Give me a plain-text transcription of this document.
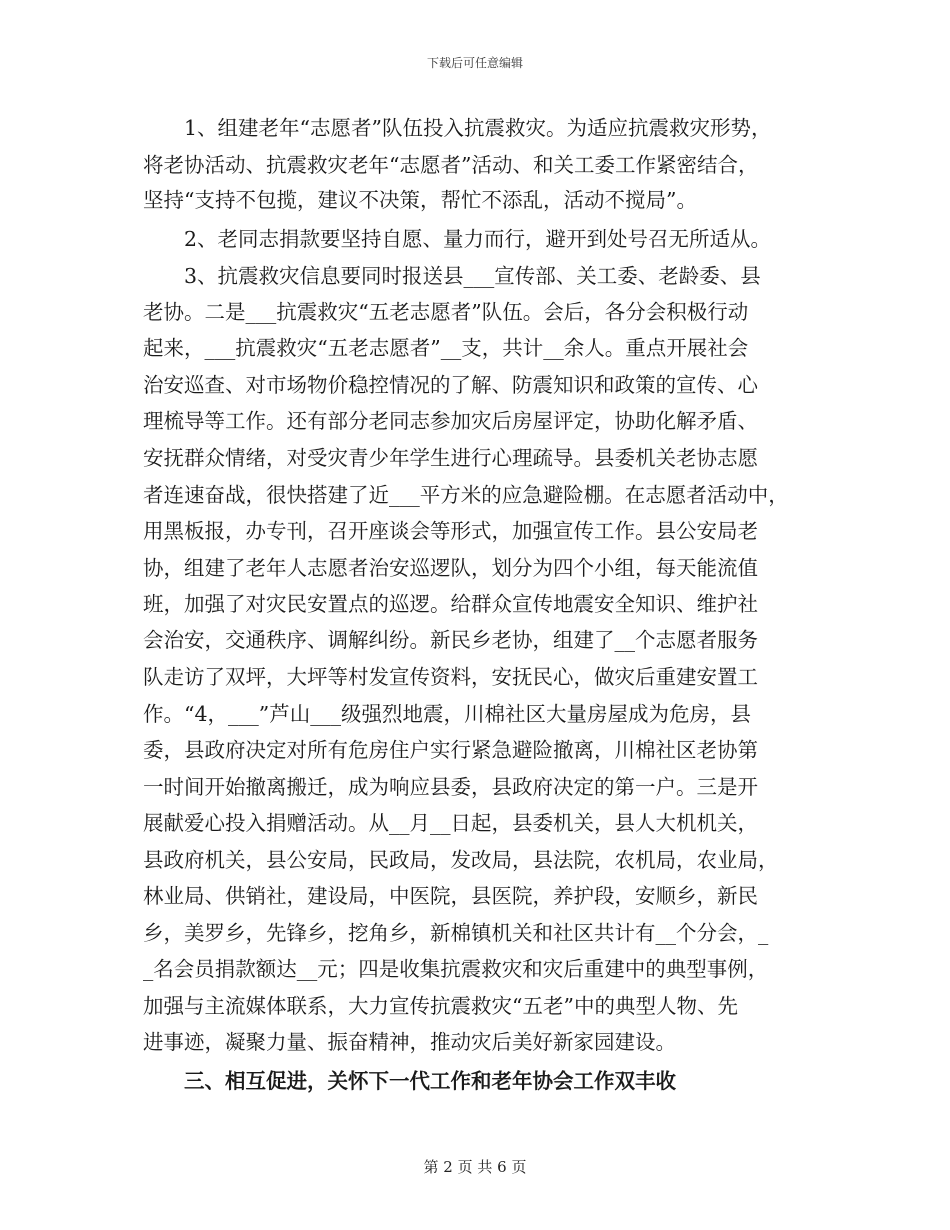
下载后可任意编辑
1、组建老年“志愿者”队伍投入抗震救灾。为适应抗震救灾形势，
将老协活动、抗震救灾老年“志愿者”活动、和关工委工作紧密结合，
坚持“支持不包揽，建议不决策，帮忙不添乱，活动不搅局”。
2、老同志捐款要坚持自愿、量力而行，避开到处号召无所适从。
3、抗震救灾信息要同时报送县___宣传部、关工委、老龄委、县
老协。二是___抗震救灾“五老志愿者”队伍。会后，各分会积极行动
起来，___抗震救灾“五老志愿者”__支，共计__余人。重点开展社会
治安巡查、对市场物价稳控情况的了解、防震知识和政策的宣传、心
理梳导等工作。还有部分老同志参加灾后房屋评定，协助化解矛盾、
安抚群众情绪，对受灾青少年学生进行心理疏导。县委机关老协志愿
者连速奋战，很快搭建了近___平方米的应急避险棚。在志愿者活动中，
用黑板报，办专刊，召开座谈会等形式，加强宣传工作。县公安局老
协，组建了老年人志愿者治安巡逻队，划分为四个小组，每天能流值
班，加强了对灾民安置点的巡逻。给群众宣传地震安全知识、维护社
会治安，交通秩序、调解纠纷。新民乡老协，组建了__个志愿者服务
队走访了双坪，大坪等村发宣传资料，安抚民心，做灾后重建安置工
作。“4，___”芦山___级强烈地震，川棉社区大量房屋成为危房，县
委，县政府决定对所有危房住户实行紧急避险撤离，川棉社区老协第
一时间开始撤离搬迁，成为响应县委，县政府决定的第一户。三是开
展献爱心投入捐赠活动。从__月__日起，县委机关，县人大机机关，
县政府机关，县公安局，民政局，发改局，县法院，农机局，农业局，
林业局、供销社，建设局，中医院，县医院，养护段，安顺乡，新民
乡，美罗乡，先锋乡，挖角乡，新棉镇机关和社区共计有__个分会，_
_名会员捐款额达__元；四是收集抗震救灾和灾后重建中的典型事例，
加强与主流媒体联系，大力宣传抗震救灾“五老”中的典型人物、先
进事迹，凝聚力量、振奋精神，推动灾后美好新家园建设。
三、相互促进，关怀下一代工作和老年协会工作双丰收
第 2 页 共 6 页
